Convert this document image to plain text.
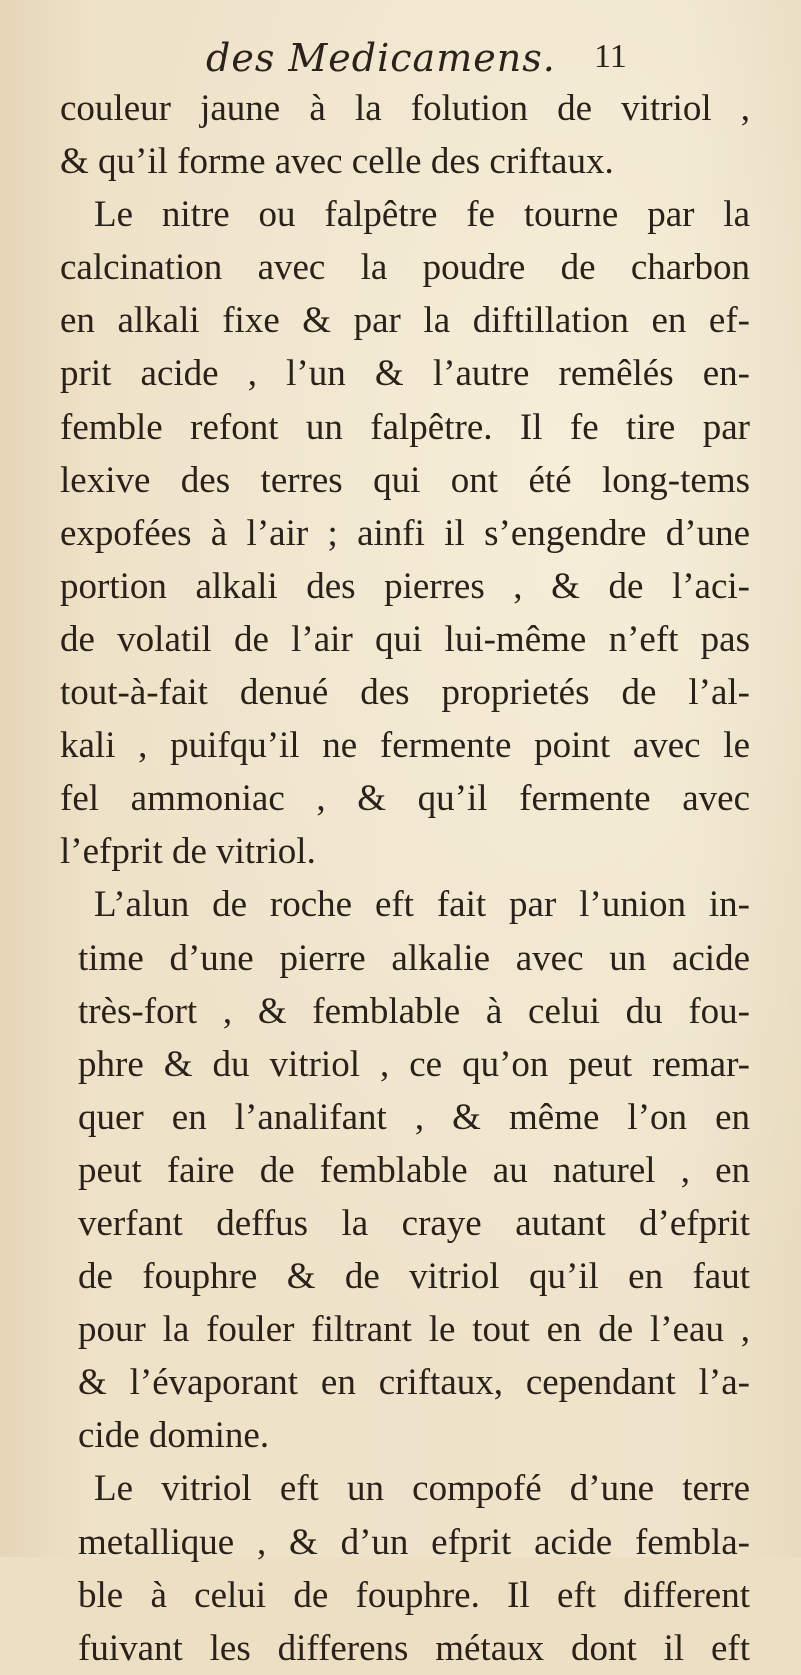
des Medicamens. 11
couleur jaune à la folution de vitriol ,
& qu’il forme avec celle des criftaux.
Le nitre ou falpêtre fe tourne par la
calcination avec la poudre de charbon
en alkali fixe & par la diftillation en ef-
prit acide , l’un & l’autre remêlés en-
femble refont un falpêtre. Il fe tire par
lexive des terres qui ont été long-tems
expofées à l’air ; ainfi il s’engendre d’une
portion alkali des pierres , & de l’aci-
de volatil de l’air qui lui-même n’eft pas
tout-à-fait denué des proprietés de l’al-
kali , puifqu’il ne fermente point avec le
fel ammoniac , & qu’il fermente avec
l’efprit de vitriol.
L’alun de roche eft fait par l’union in-
time d’une pierre alkalie avec un acide
très-fort , & femblable à celui du fou-
phre & du vitriol , ce qu’on peut remar-
quer en l’analifant , & même l’on en
peut faire de femblable au naturel , en
verfant deffus la craye autant d’efprit
de fouphre & de vitriol qu’il en faut
pour la fouler filtrant le tout en de l’eau ,
& l’évaporant en criftaux, cependant l’a-
cide domine.
Le vitriol eft un compofé d’une terre
metallique , & d’un efprit acide fembla-
ble à celui de fouphre. Il eft different
fuivant les differens métaux dont il eft
